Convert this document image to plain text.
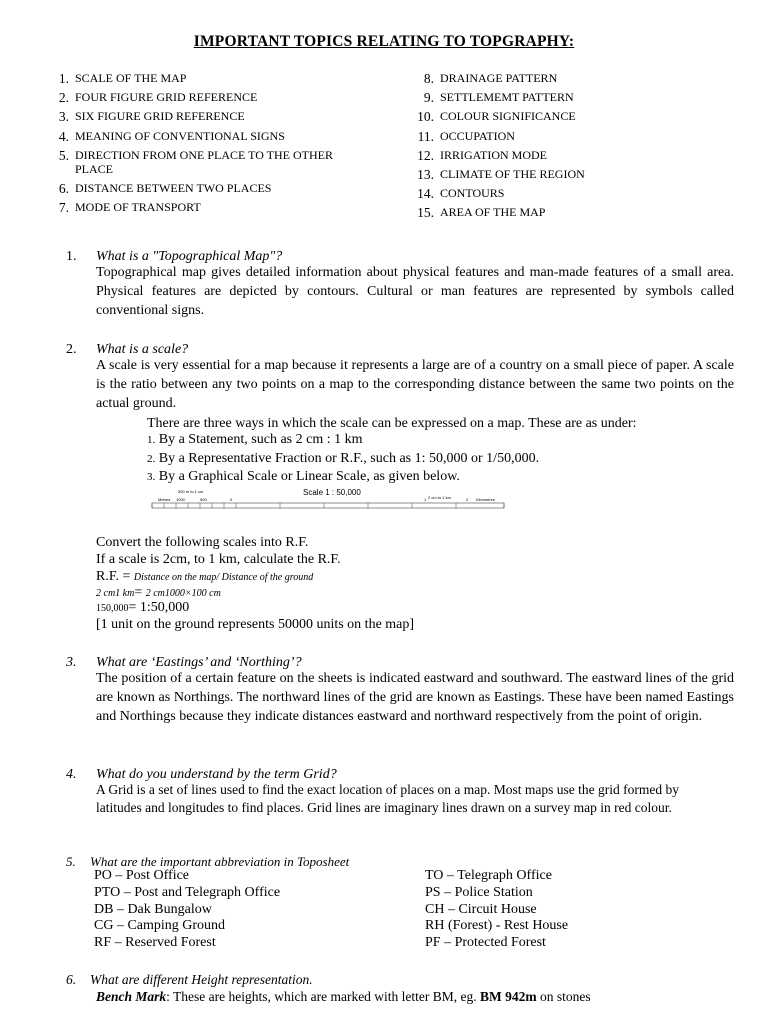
IMPORTANT TOPICS RELATING TO TOPGRAPHY:
1. SCALE OF THE MAP
2. FOUR FIGURE GRID REFERENCE
3. SIX FIGURE GRID REFERENCE
4. MEANING OF CONVENTIONAL SIGNS
5. DIRECTION FROM ONE PLACE TO THE OTHER PLACE
6. DISTANCE BETWEEN TWO PLACES
7. MODE OF TRANSPORT
8. DRAINAGE PATTERN
9. SETTLEMEMT PATTERN
10. COLOUR SIGNIFICANCE
11. OCCUPATION
12. IRRIGATION MODE
13. CLIMATE OF THE REGION
14. CONTOURS
15. AREA OF THE MAP
1. What is a "Topographical Map"?
Topographical map gives detailed information about physical features and man-made features of a small area. Physical features are depicted by contours. Cultural or man features are represented by symbols called conventional signs.
2. What is a scale?
A scale is very essential for a map because it represents a large are of a country on a small piece of paper. A scale is the ratio between any two points on a map to the corresponding distance between the same two points on the actual ground.
There are three ways in which the scale can be expressed on a map. These are as under:
1. By a Statement, such as 2 cm : 1 km
2. By a Representative Fraction or R.F., such as 1: 50,000 or 1/50,000.
3. By a Graphical Scale or Linear Scale, as given below.
Scale 1 : 50,000
500 m to 1 cm
2 cm to 1 km
Metres	Kilometres
1000	500	0	1	2
Convert the following scales into R.F.
If a scale is 2cm, to 1 km, calculate the R.F.
R.F. = Distance on the map/ Distance of the ground
2 cm1 km= 2 cm1000×100 cm
150,000= 1:50,000
[1 unit on the ground represents 50000 units on the map]
3. What are ‘Eastings’ and ‘Northing’?
The position of a certain feature on the sheets is indicated eastward and southward. The eastward lines of the grid are known as Northings. The northward lines of the grid are known as Eastings. These have been named Eastings and Northings because they indicate distances eastward and northward respectively from the point of origin.
4. What do you understand by the term Grid?
A Grid is a set of lines used to find the exact location of places on a map. Most maps use the grid formed by latitudes and longitudes to find places. Grid lines are imaginary lines drawn on a survey map in red colour.
5. What are the important abbreviation in Toposheet
PO – Post Office
PTO – Post and Telegraph Office
DB – Dak Bungalow
CG – Camping Ground
RF – Reserved Forest
TO – Telegraph Office
PS – Police Station
CH – Circuit House
RH (Forest) - Rest House
PF – Protected Forest
6. What are different Height representation.
Bench Mark: These are heights, which are marked with letter BM, eg. BM 942m on stones
